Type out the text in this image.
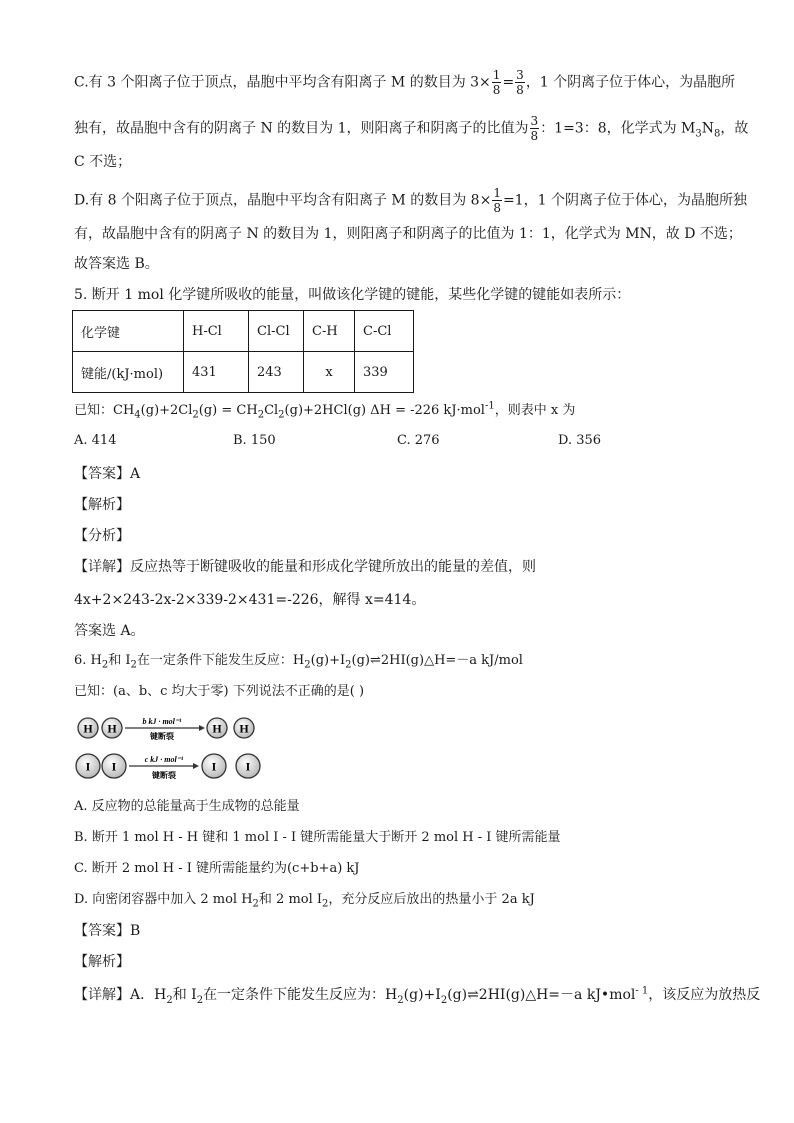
C.有 3 个阳离子位于顶点，晶胞中平均含有阳离子 M 的数目为 $3\times \frac{1}{8} = \frac{3}{8}$ ，1 个阴离子位于体心，为晶胞所
独有，故晶胞中含有的阴离子 N 的数目为 1，则阳离子和阴离子的比值为 $\frac{3}{8}$ ：1=3：8，化学式为 $M_3N_8$，故
C 不选；
D.有 8 个阳离子位于顶点，晶胞中平均含有阳离子 M 的数目为 $8\times \frac{1}{8} =1$，1 个阴离子位于体心，为晶胞所独
有，故晶胞中含有的阴离子 N 的数目为 1，则阳离子和阴离子的比值为 1：1，化学式为 MN，故 D 不选；
故答案选 B。
5. 断开 1 mol 化学键所吸收的能量，叫做该化学键的键能，某些化学键的键能如表所示：
化学键	H-Cl	Cl-Cl	C-H	C-Cl
键能/(kJ·mol)	431	243	x	339
已知：$CH_4(g)+2Cl_2(g) = CH_2Cl_2(g)+2HCl(g) \Delta H = -226$ kJ·mol$^{-1}$，则表中 x 为
A. 414	B. 150	C. 276	D. 356
【答案】A
【解析】
【分析】
【详解】反应热等于断键吸收的能量和形成化学键所放出的能量的差值，则
4x+2×243-2x-2×339-2×431=-226，解得 x=414。
答案选 A。
6. $H_2$和 $I_2$在一定条件下能发生反应：$H_2(g)+I_2(g)\rightleftharpoons 2HI(g)\triangle H=-a$ kJ/mol
已知：(a、b、c 均大于零) 下列说法不正确的是( )
H H	b kJ · mol⁻¹
键断裂
H H
I I	c kJ · mol⁻¹
键断裂
I I
A. 反应物的总能量高于生成物的总能量
B. 断开 1 mol H - H 键和 1 mol I - I 键所需能量大于断开 2 mol H - I 键所需能量
C. 断开 2 mol H - I 键所需能量约为(c+b+a) kJ
D. 向密闭容器中加入 2 mol $H_2$和 2 mol $I_2$，充分反应后放出的热量小于 2a kJ
【答案】B
【解析】
【详解】A．$H_2$和 $I_2$在一定条件下能发生反应为：$H_2(g)+I_2(g)\rightleftharpoons 2HI(g)\triangle H=-a$ kJ•mol$^{- 1}$，该反应为放热反
